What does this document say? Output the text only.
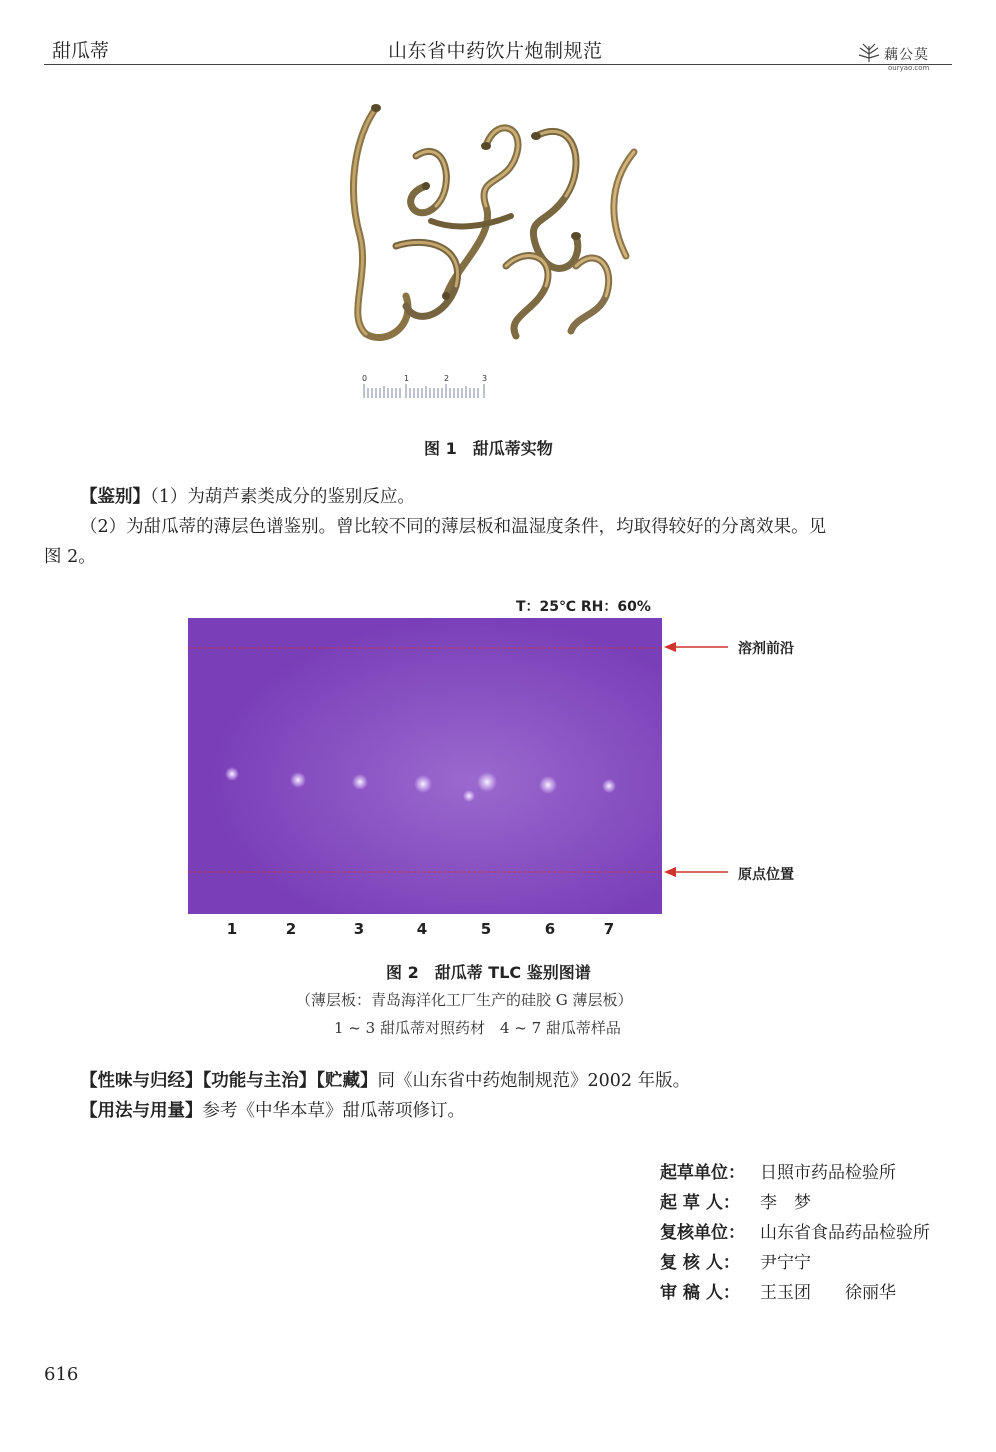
甜瓜蒂	山东省中药饮片炮制规范	藕公莫
ouryao.com
0	1	2	3
图 1　甜瓜蒂实物
【鉴别】（1）为葫芦素类成分的鉴别反应。
（2）为甜瓜蒂的薄层色谱鉴别。曾比较不同的薄层板和温湿度条件，均取得较好的分离效果。见
图 2。
T：25℃ RH：60%
溶剂前沿
原点位置
1	2	3	4	5	6	7
图 2　甜瓜蒂 TLC 鉴别图谱
（薄层板：青岛海洋化工厂生产的硅胶 G 薄层板）
1 ~ 3 甜瓜蒂对照药材　4 ~ 7 甜瓜蒂样品
【性味与归经】【功能与主治】【贮藏】同《山东省中药炮制规范》2002 年版。
【用法与用量】参考《中华本草》甜瓜蒂项修订。
起草单位： 日照市药品检验所
起 草 人： 李　梦
复核单位： 山东省食品药品检验所
复 核 人： 尹宁宁
审 稿 人： 王玉团　　徐丽华
616
